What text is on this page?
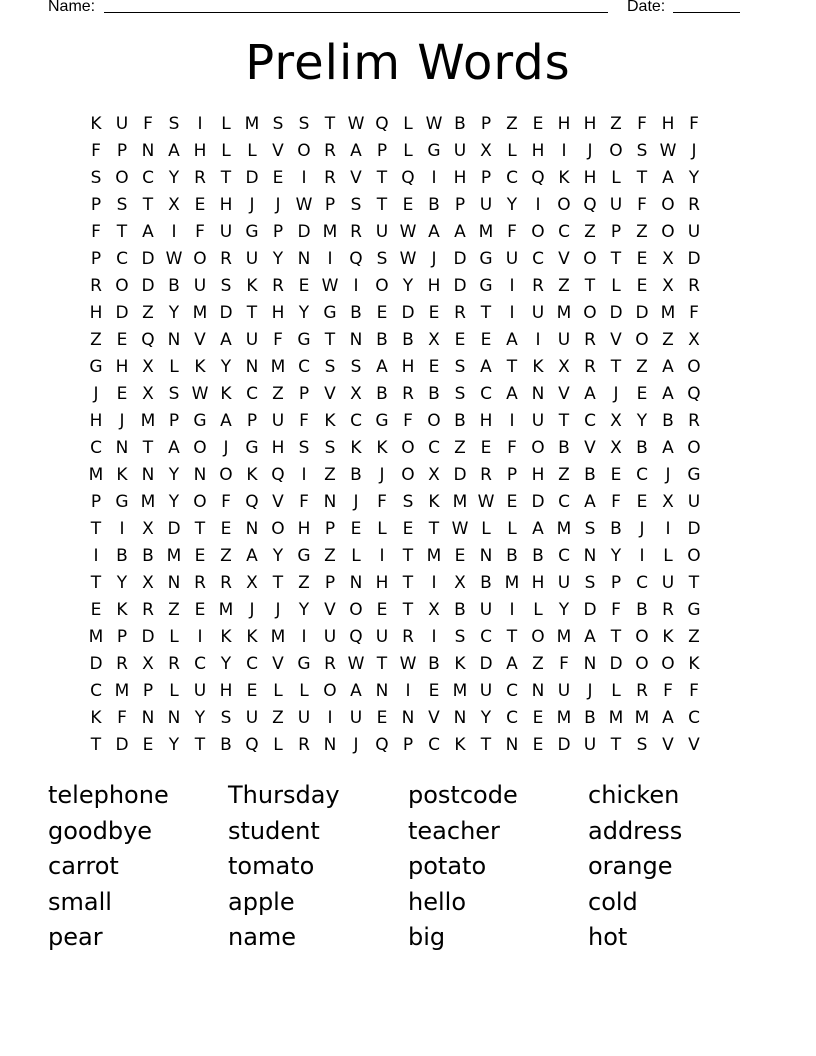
Name:	Date:
Prelim Words
K U F S	I	L M S S T W Q L W B P Z E H H Z F H F
F P N A H L L V O R A P L G U X L H	I	J O S W J
S O C Y R T D E	I	R V T Q I	H P C Q K H L T A Y
P S T X E H	J	J W P S T E B P U Y	I O Q U F O R
F T A	I	F U G P D M R U W A A M F O C Z P Z O U
P C D W O R U Y N	I Q S W J D G U C V O T E X D
R O D B U S K R E W I O Y H D G I	R Z T L E X R
H D Z Y M D T H Y G B E D E R T	I	U M O D D M F
Z E Q N V A U F G T N B B X E E A	I	U R V O Z X
G H X L K Y N M C S S A H E S A T K X R T Z A O
J	E X S W K C Z P V X B R B S C A N V A	J	E A Q
H	J M P G A P U F K C G F O B H	I	U T C X Y B R
C N T A O J G H S S K K O C Z E F O B V X B A O
M K N Y N O K Q I	Z B	J O X D R P H Z B E C	J G
P G M Y O F Q V F N	J	F S K M W E D C A F E X U
T	I	X D T E N O H P E L E T W L L A M S B	J	I D
I	B B M E Z A Y G Z L	I	T M E N B B C N Y	I	L O
T Y X N R R X T Z P N H T	I	X B M H U S P C U T
E K R Z E M J	J	Y V O E T X B U	I	L Y D F B R G
M P D L	I	K K M I	U Q U R	I	S C T O M A T O K Z
D R X R C Y C V G R W T W B K D A Z F N D O O K
C M P L U H E L L O A N	I	E M U C N U	J	L R F F
K F N N Y S U Z U	I	U E N V N Y C E M B M M A C
T D E Y T B Q L R N	J Q P C K T N E D U T S V V
telephone	Thursday	postcode	chicken
goodbye	student	teacher	address
carrot	tomato	potato	orange
small	apple	hello	cold
pear	name	big	hot
